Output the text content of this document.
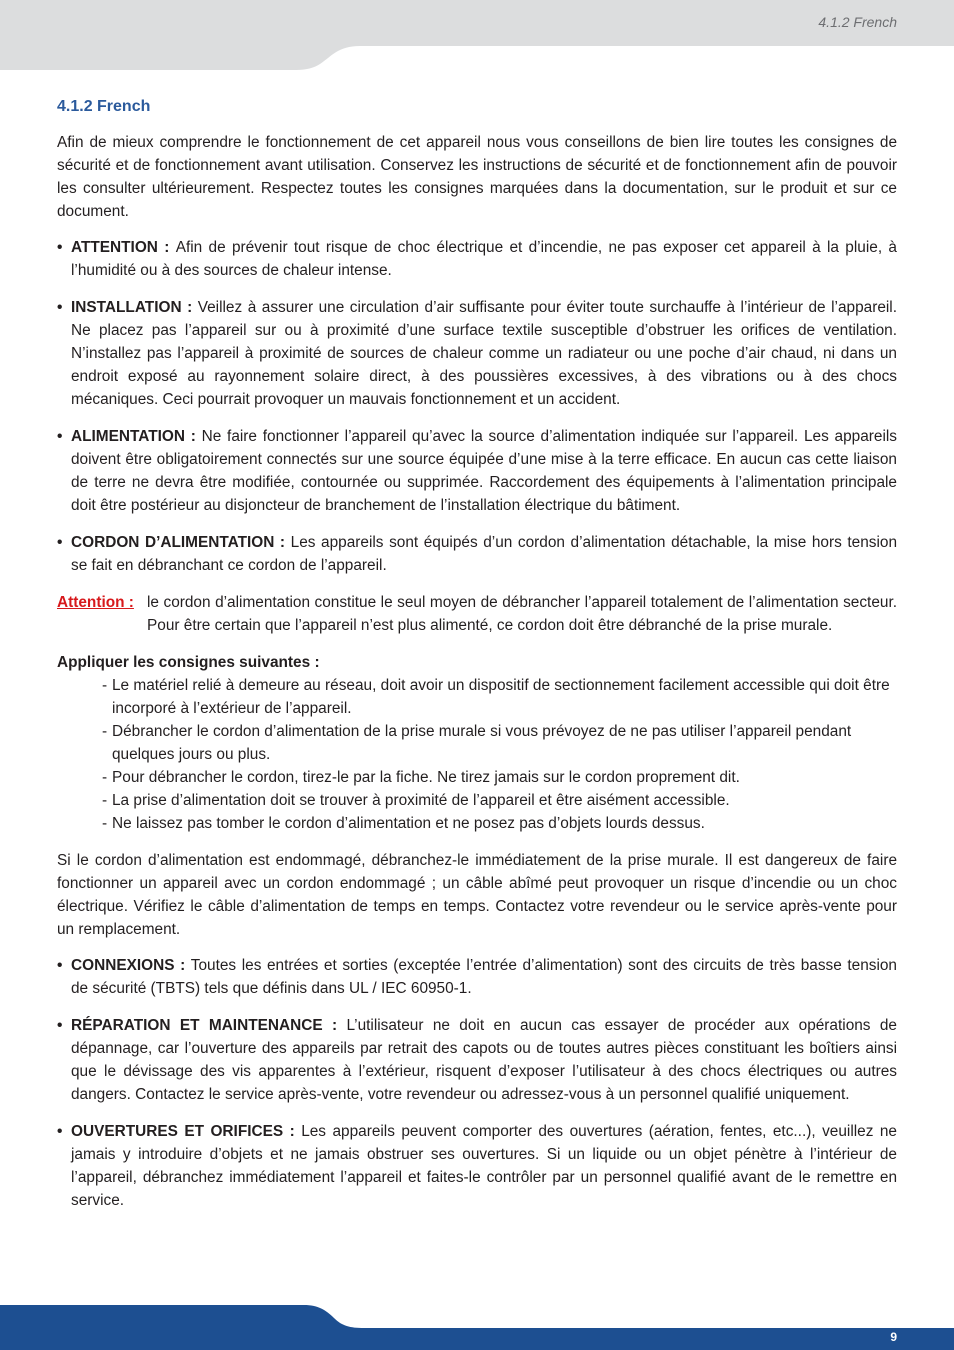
4.1.2 French
4.1.2 French

Afin de mieux comprendre le fonctionnement de cet appareil nous vous conseillons de bien lire toutes les consignes de sécurité et de fonctionnement avant utilisation. Conservez les instructions de sécurité et de fonctionnement afin de pouvoir les consulter ultérieurement. Respectez toutes les consignes marquées dans la documentation, sur le produit et sur ce document.

• ATTENTION : Afin de prévenir tout risque de choc électrique et d’incendie, ne pas exposer cet appareil à la pluie, à l’humidité ou à des sources de chaleur intense.
• INSTALLATION : Veillez à assurer une circulation d’air suffisante pour éviter toute surchauffe à l’intérieur de l’appareil. Ne placez pas l’appareil sur ou à proximité d’une surface textile susceptible d’obstruer les orifices de ventilation. N’installez pas l’appareil à proximité de sources de chaleur comme un radiateur ou une poche d’air chaud, ni dans un endroit exposé au rayonnement solaire direct, à des poussières excessives, à des vibrations ou à des chocs mécaniques. Ceci pourrait provoquer un mauvais fonctionnement et un accident.
• ALIMENTATION : Ne faire fonctionner l’appareil qu’avec la source d’alimentation indiquée sur l’appareil. Les appareils doivent être obligatoirement connectés sur une source équipée d’une mise à la terre efficace. En aucun cas cette liaison de terre ne devra être modifiée, contournée ou supprimée. Raccordement des équipements à l’alimentation principale doit être postérieur au disjoncteur de branchement de l’installation électrique du bâtiment.
• CORDON D’ALIMENTATION : Les appareils sont équipés d’un cordon d’alimentation détachable, la mise hors tension se fait en débranchant ce cordon de l’appareil.
Attention : le cordon d’alimentation constitue le seul moyen de débrancher l’appareil totalement de l’alimentation secteur. Pour être certain que l’appareil n’est plus alimenté, ce cordon doit être débranché de la prise murale.
Appliquer les consignes suivantes :
- Le matériel relié à demeure au réseau, doit avoir un dispositif de sectionnement facilement accessible qui doit être incorporé à l’extérieur de l’appareil.
- Débrancher le cordon d’alimentation de la prise murale si vous prévoyez de ne pas utiliser l’appareil pendant quelques jours ou plus.
- Pour débrancher le cordon, tirez-le par la fiche. Ne tirez jamais sur le cordon proprement dit.
- La prise d’alimentation doit se trouver à proximité de l’appareil et être aisément accessible.
- Ne laissez pas tomber le cordon d’alimentation et ne posez pas d’objets lourds dessus.

Si le cordon d’alimentation est endommagé, débranchez-le immédiatement de la prise murale. Il est dangereux de faire fonctionner un appareil avec un cordon endommagé ; un câble abîmé peut provoquer un risque d’incendie ou un choc électrique. Vérifiez le câble d’alimentation de temps en temps. Contactez votre revendeur ou le service après-vente pour un remplacement.

• CONNEXIONS : Toutes les entrées et sorties (exceptée l’entrée d’alimentation) sont des circuits de très basse tension de sécurité (TBTS) tels que définis dans UL / IEC 60950-1.
• RÉPARATION ET MAINTENANCE : L’utilisateur ne doit en aucun cas essayer de procéder aux opérations de dépannage, car l’ouverture des appareils par retrait des capots ou de toutes autres pièces constituant les boîtiers ainsi que le dévissage des vis apparentes à l’extérieur, risquent d’exposer l’utilisateur à des chocs électriques ou autres dangers. Contactez le service après-vente, votre revendeur ou adressez-vous à un personnel qualifié uniquement.
• OUVERTURES ET ORIFICES : Les appareils peuvent comporter des ouvertures (aération, fentes, etc...), veuillez ne jamais y introduire d’objets et ne jamais obstruer ses ouvertures. Si un liquide ou un objet pénètre à l’intérieur de l’appareil, débranchez immédiatement l’appareil et faites-le contrôler par un personnel qualifié avant de le remettre en service.
9
